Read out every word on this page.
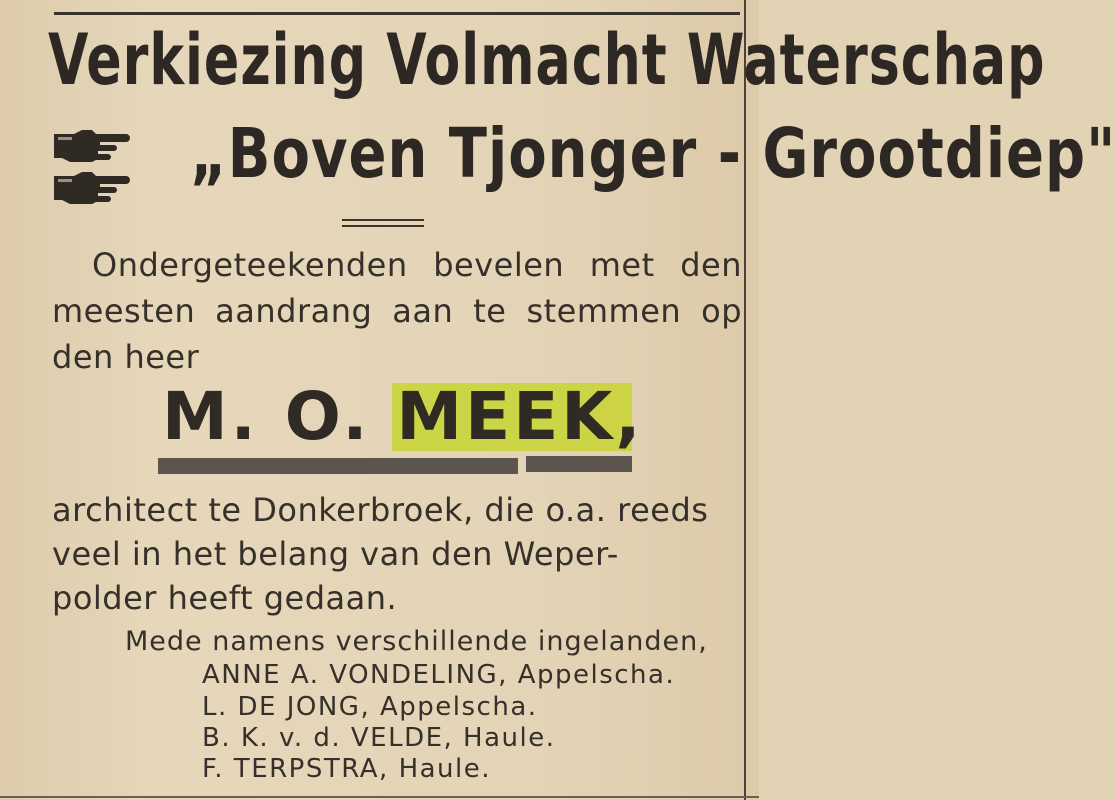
Verkiezing Volmacht Waterschap
„Boven Tjonger - Grootdiep"
Ondergeteekenden bevelen met den meesten aandrang aan te stemmen op den heer
M. O. MEEK,
architect te Donkerbroek, die o.a. reeds
veel in het belang van den Weper-
polder heeft gedaan.
Mede namens verschillende ingelanden,
ANNE A. VONDELING, Appelscha.
L. DE JONG, Appelscha.
B. K. v. d. VELDE, Haule.
F. TERPSTRA, Haule.
